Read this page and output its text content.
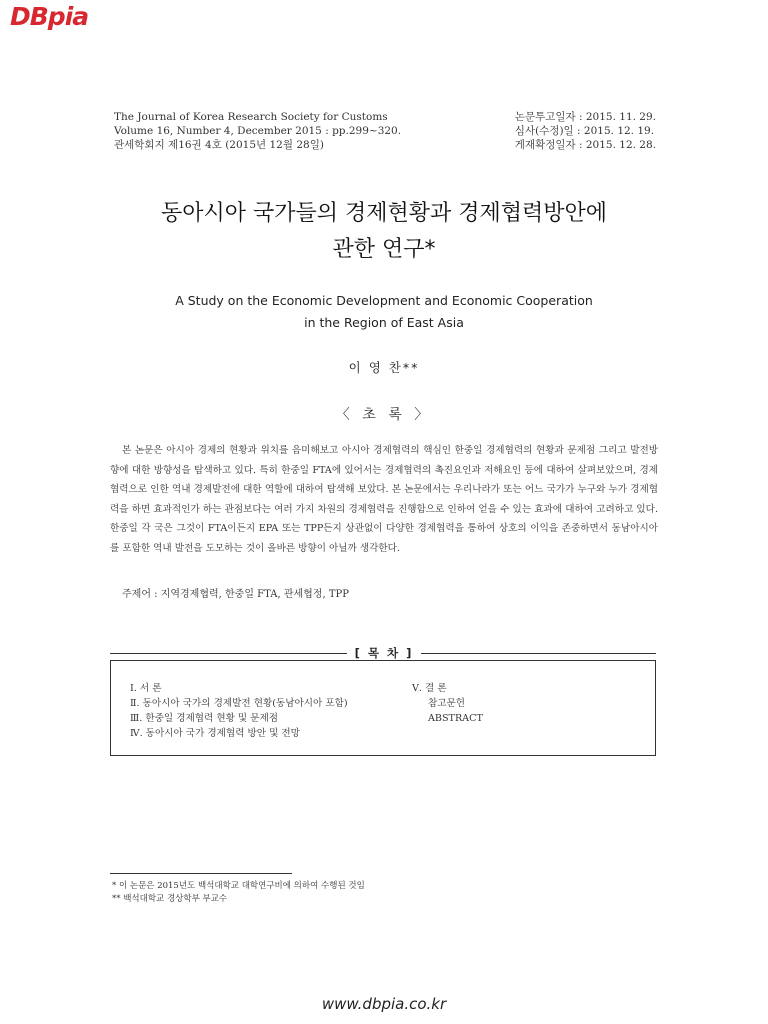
DBpia
The Journal of Korea Research Society for Customs
Volume 16, Number 4, December 2015 : pp.299~320.
관세학회지 제16권 4호 (2015년 12월 28일)
논문투고일자 : 2015. 11. 29.
심사(수정)일 : 2015. 12. 19.
게재확정일자 : 2015. 12. 28.
동아시아 국가들의 경제현황과 경제협력방안에
관한 연구*
A Study on the Economic Development and Economic Cooperation
in the Region of East Asia
이 영 찬**
〈 초 록 〉

본 논문은 아시아 경제의 현황과 위치를 음미해보고 아시아 경제협력의 핵심인 한중일 경제협력의 현황과 문제점 그리고 발전방향에 대한 방향성을 탐색하고 있다. 특히 한중일 FTA에 있어서는 경제협력의 촉진요인과 저해요인 등에 대하여 살펴보았으며, 경제협력으로 인한 역내 경제발전에 대한 역할에 대하여 탐색해 보았다. 본 논문에서는 우리나라가 또는 어느 국가가 누구와 누가 경제협력을 하면 효과적인가 하는 관점보다는 여러 가지 차원의 경제협력을 진행함으로 인하여 얻을 수 있는 효과에 대하여 고려하고 있다. 한중일 각 국은 그것이 FTA이든지 EPA 또는 TPP든지 상관없이 다양한 경제협력을 통하여 상호의 이익을 존중하면서 동남아시아를 포함한 역내 발전을 도모하는 것이 올바른 방향이 아닐까 생각한다.

주제어 : 지역경제협력, 한중일 FTA, 관세협정, TPP
[ 목 차 ]
Ⅰ. 서 론
Ⅱ. 동아시아 국가의 경제발전 현황(동남아시아 포함)
Ⅲ. 한중일 경제협력 현황 및 문제점
Ⅳ. 동아시아 국가 경제협력 방안 및 전망
Ⅴ. 결 론
참고문헌
ABSTRACT
* 이 논문은 2015년도 백석대학교 대학연구비에 의하여 수행된 것임
** 백석대학교 경상학부 부교수
www.dbpia.co.kr
